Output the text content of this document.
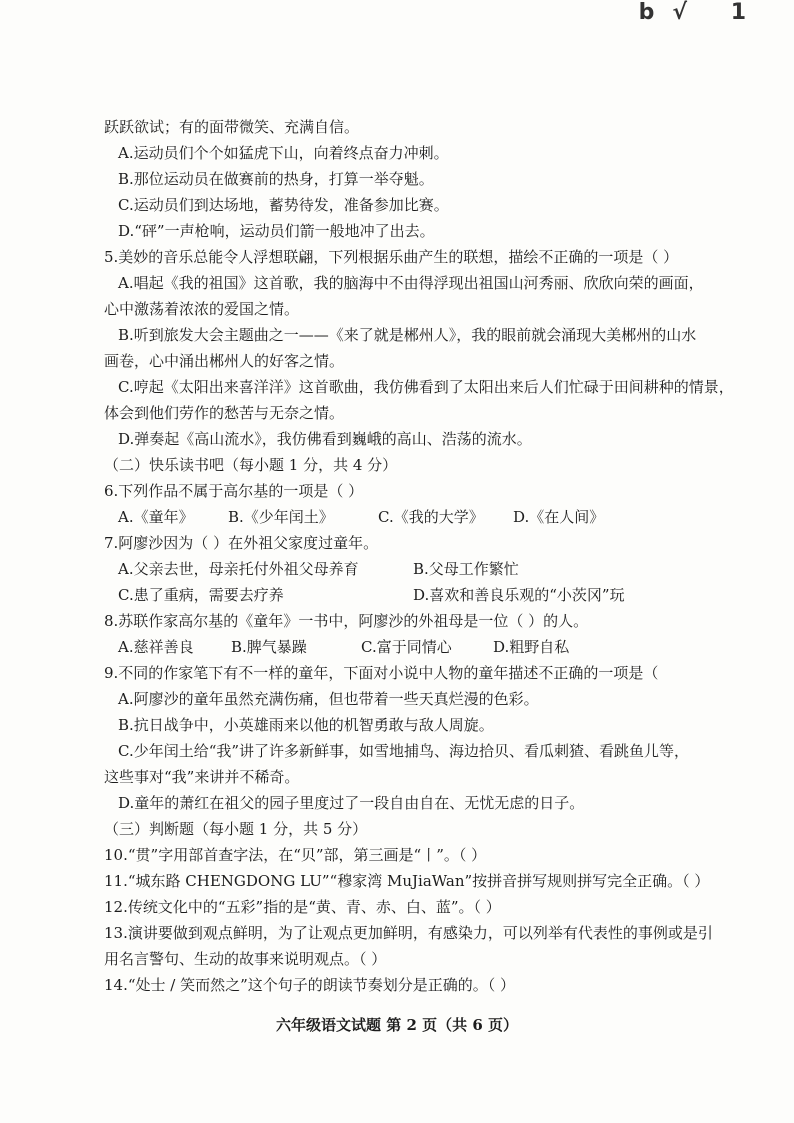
b√ 1
跃跃欲试；有的面带微笑、充满自信。
A.运动员们个个如猛虎下山，向着终点奋力冲刺。
B.那位运动员在做赛前的热身，打算一举夺魁。
C.运动员们到达场地，蓄势待发，准备参加比赛。
D.“砰”一声枪响，运动员们箭一般地冲了出去。
5.美妙的音乐总能令人浮想联翩，下列根据乐曲产生的联想，描绘不正确的一项是（ ）
A.唱起《我的祖国》这首歌，我的脑海中不由得浮现出祖国山河秀丽、欣欣向荣的画面，
心中激荡着浓浓的爱国之情。
B.听到旅发大会主题曲之一——《来了就是郴州人》，我的眼前就会涌现大美郴州的山水
画卷，心中涌出郴州人的好客之情。
C.哼起《太阳出来喜洋洋》这首歌曲，我仿佛看到了太阳出来后人们忙碌于田间耕种的情景，
体会到他们劳作的愁苦与无奈之情。
D.弹奏起《高山流水》，我仿佛看到巍峨的高山、浩荡的流水。
（二）快乐读书吧（每小题 1 分，共 4 分）
6.下列作品不属于高尔基的一项是（ ）
A.《童年》	B.《少年闰土》	C.《我的大学》	D.《在人间》
7.阿廖沙因为（ ）在外祖父家度过童年。
A.父亲去世，母亲托付外祖父母养育	B.父母工作繁忙
C.患了重病，需要去疗养	D.喜欢和善良乐观的“小茨冈”玩
8.苏联作家高尔基的《童年》一书中，阿廖沙的外祖母是一位（ ）的人。
A.慈祥善良	B.脾气暴躁	C.富于同情心	D.粗野自私
9.不同的作家笔下有不一样的童年，下面对小说中人物的童年描述不正确的一项是（
A.阿廖沙的童年虽然充满伤痛，但也带着一些天真烂漫的色彩。
B.抗日战争中，小英雄雨来以他的机智勇敢与敌人周旋。
C.少年闰土给“我”讲了许多新鲜事，如雪地捕鸟、海边拾贝、看瓜刺猹、看跳鱼儿等，
这些事对“我”来讲并不稀奇。
D.童年的萧红在祖父的园子里度过了一段自由自在、无忧无虑的日子。
（三）判断题（每小题 1 分，共 5 分）
10.“贯”字用部首查字法，在“贝”部，第三画是“丨”。（ ）
11.“城东路 CHENGDONG LU”“穆家湾 MuJiaWan”按拼音拼写规则拼写完全正确。（ ）
12.传统文化中的“五彩”指的是“黄、青、赤、白、蓝”。（ ）
13.演讲要做到观点鲜明，为了让观点更加鲜明，有感染力，可以列举有代表性的事例或是引
用名言警句、生动的故事来说明观点。（ ）
14.“处士 / 笑而然之”这个句子的朗读节奏划分是正确的。（ ）
六年级语文试题 第 2 页（共 6 页）
